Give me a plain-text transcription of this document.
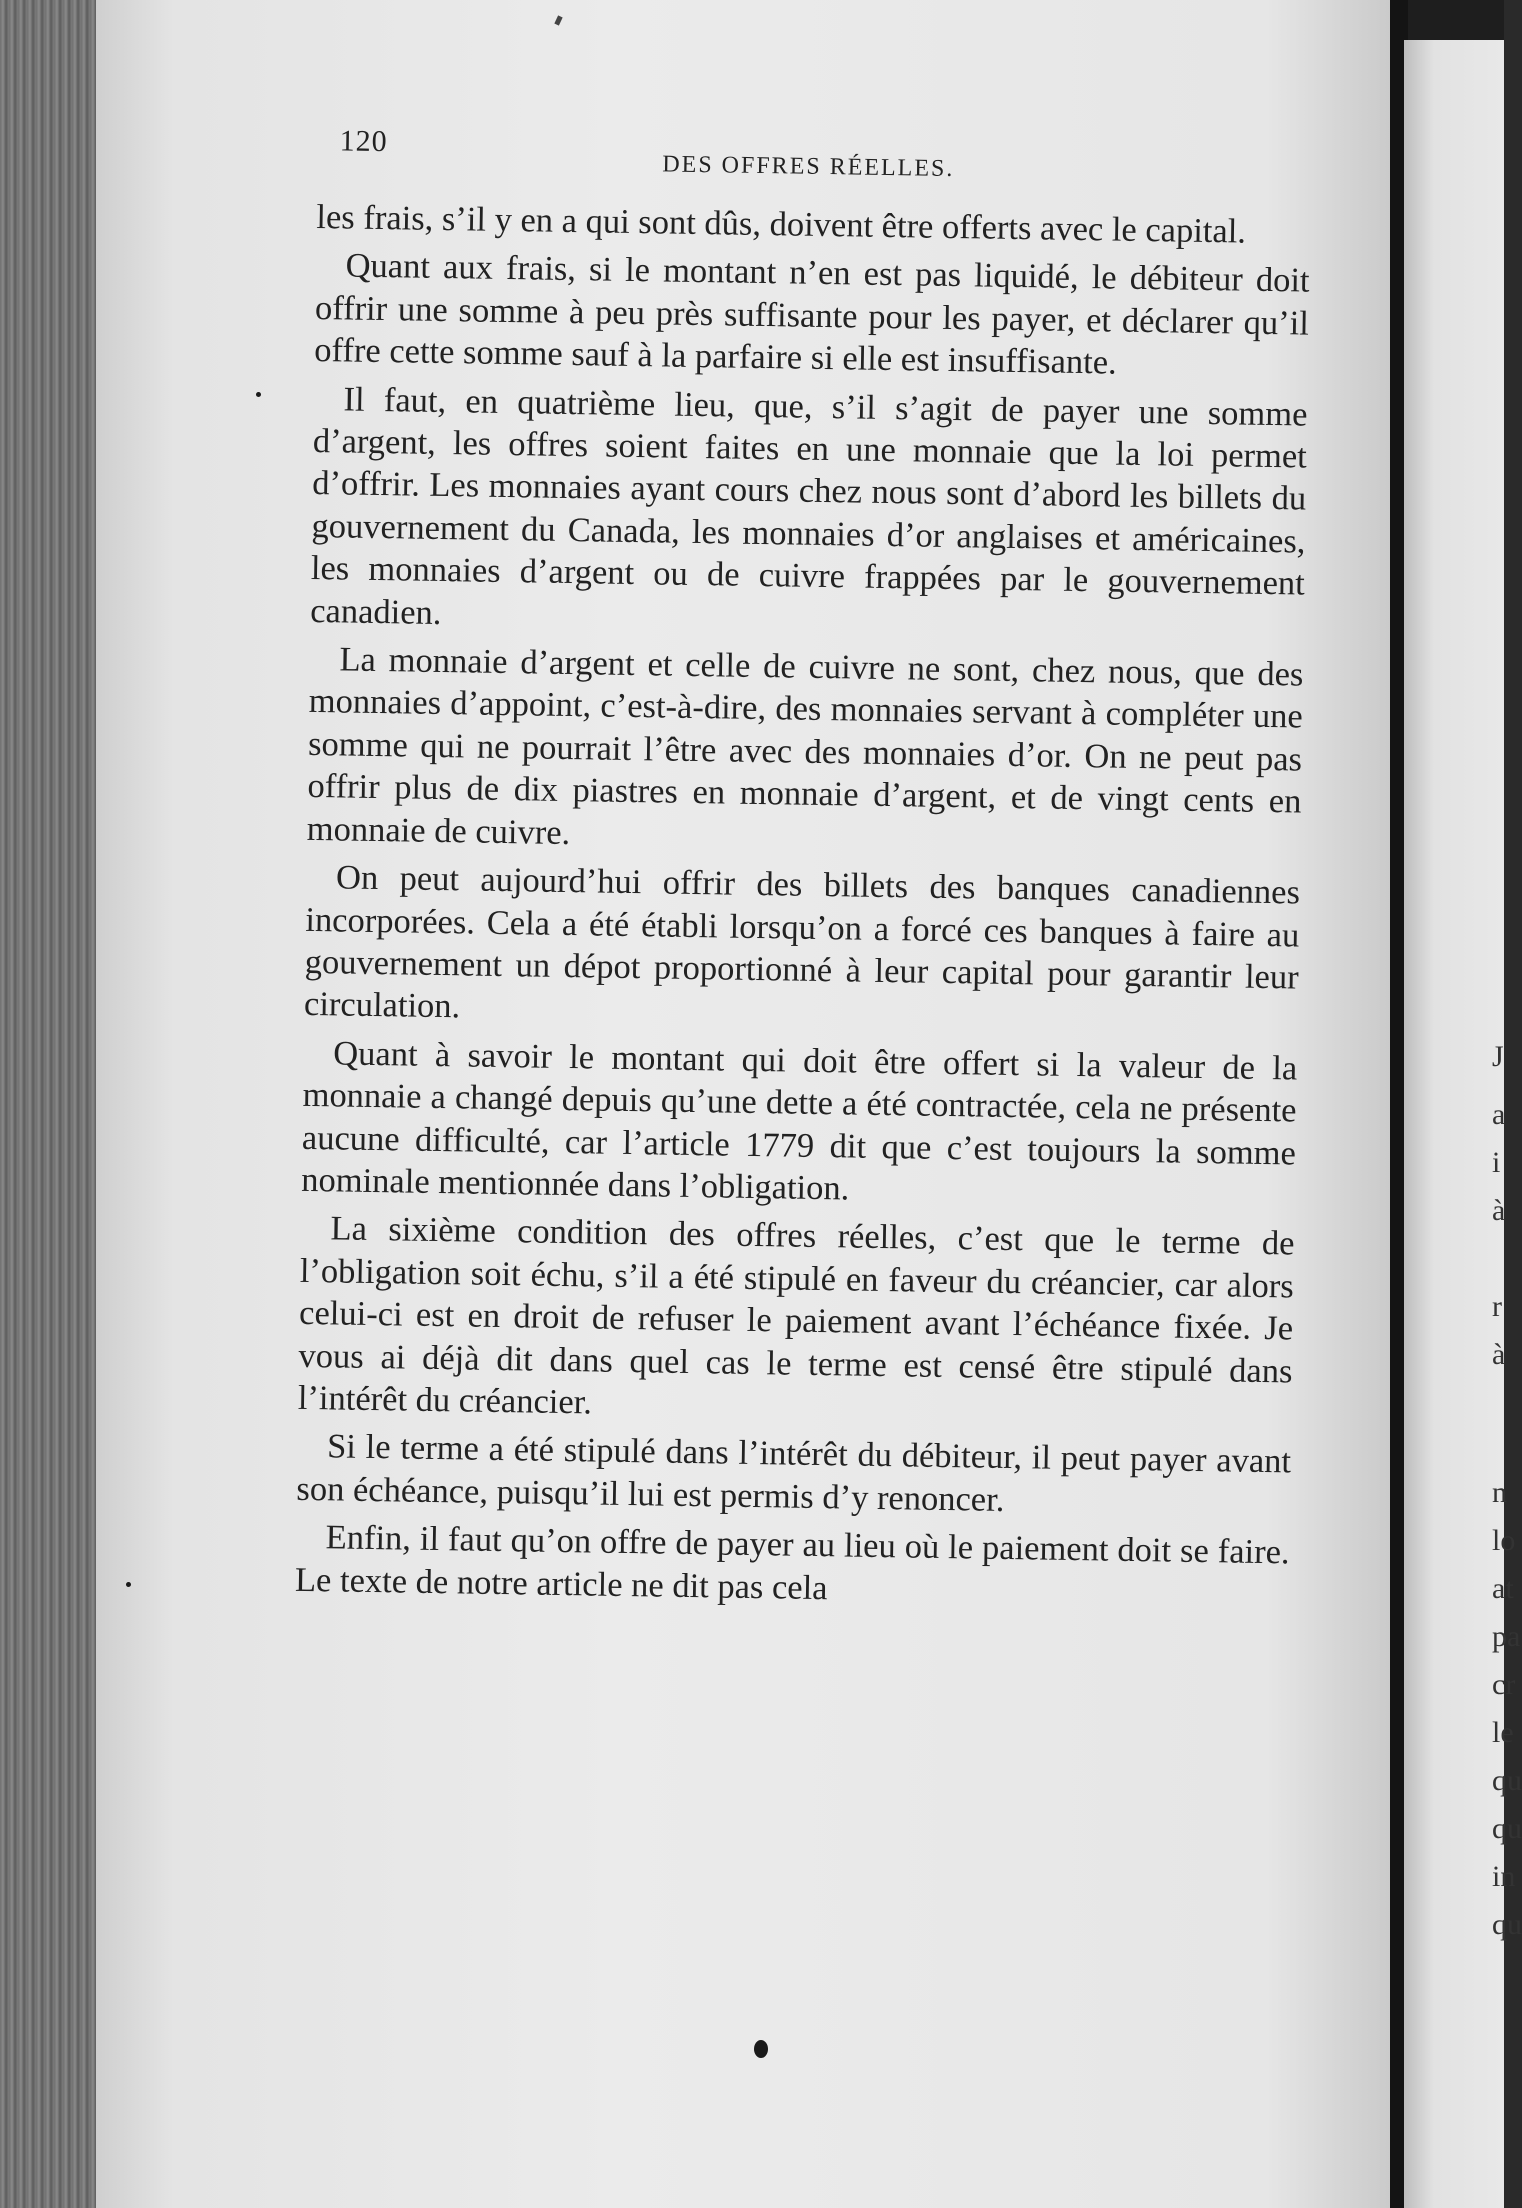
120
DES OFFRES RÉELLES.

les frais, s’il y en a qui sont dûs, doivent être offerts avec le capital.

Quant aux frais, si le montant n’en est pas liquidé, le débiteur doit offrir une somme à peu près suffisante pour les payer, et déclarer qu’il offre cette somme sauf à la parfaire si elle est insuffisante.

Il faut, en quatrième lieu, que, s’il s’agit de payer une somme d’argent, les offres soient faites en une monnaie que la loi permet d’offrir. Les monnaies ayant cours chez nous sont d’abord les billets du gouvernement du Canada, les monnaies d’or anglaises et américaines, les monnaies d’argent ou de cuivre frappées par le gouvernement canadien.

La monnaie d’argent et celle de cuivre ne sont, chez nous, que des monnaies d’appoint, c’est-à-dire, des monnaies servant à compléter une somme qui ne pourrait l’être avec des monnaies d’or. On ne peut pas offrir plus de dix piastres en monnaie d’argent, et de vingt cents en monnaie de cuivre.

On peut aujourd’hui offrir des billets des banques canadiennes incorporées. Cela a été établi lorsqu’on a forcé ces banques à faire au gouvernement un dépot proportionné à leur capital pour garantir leur circulation.

Quant à savoir le montant qui doit être offert si la valeur de la monnaie a changé depuis qu’une dette a été contractée, cela ne présente aucune difficulté, car l’article 1779 dit que c’est toujours la somme nominale mentionnée dans l’obligation.

La sixième condition des offres réelles, c’est que le terme de l’obligation soit échu, s’il a été stipulé en faveur du créancier, car alors celui-ci est en droit de refuser le paiement avant l’échéance fixée. Je vous ai déjà dit dans quel cas le terme est censé être stipulé dans l’intérêt du créancier.

Si le terme a été stipulé dans l’intérêt du débiteur, il peut payer avant son échéance, puisqu’il lui est permis d’y renoncer.

Enfin, il faut qu’on offre de payer au lieu où le paiement doit se faire. Le texte de notre article ne dit pas cela

J
a
i
à
r
à
n
lo
at
pa
cr
le
qu
qu
in
qu
